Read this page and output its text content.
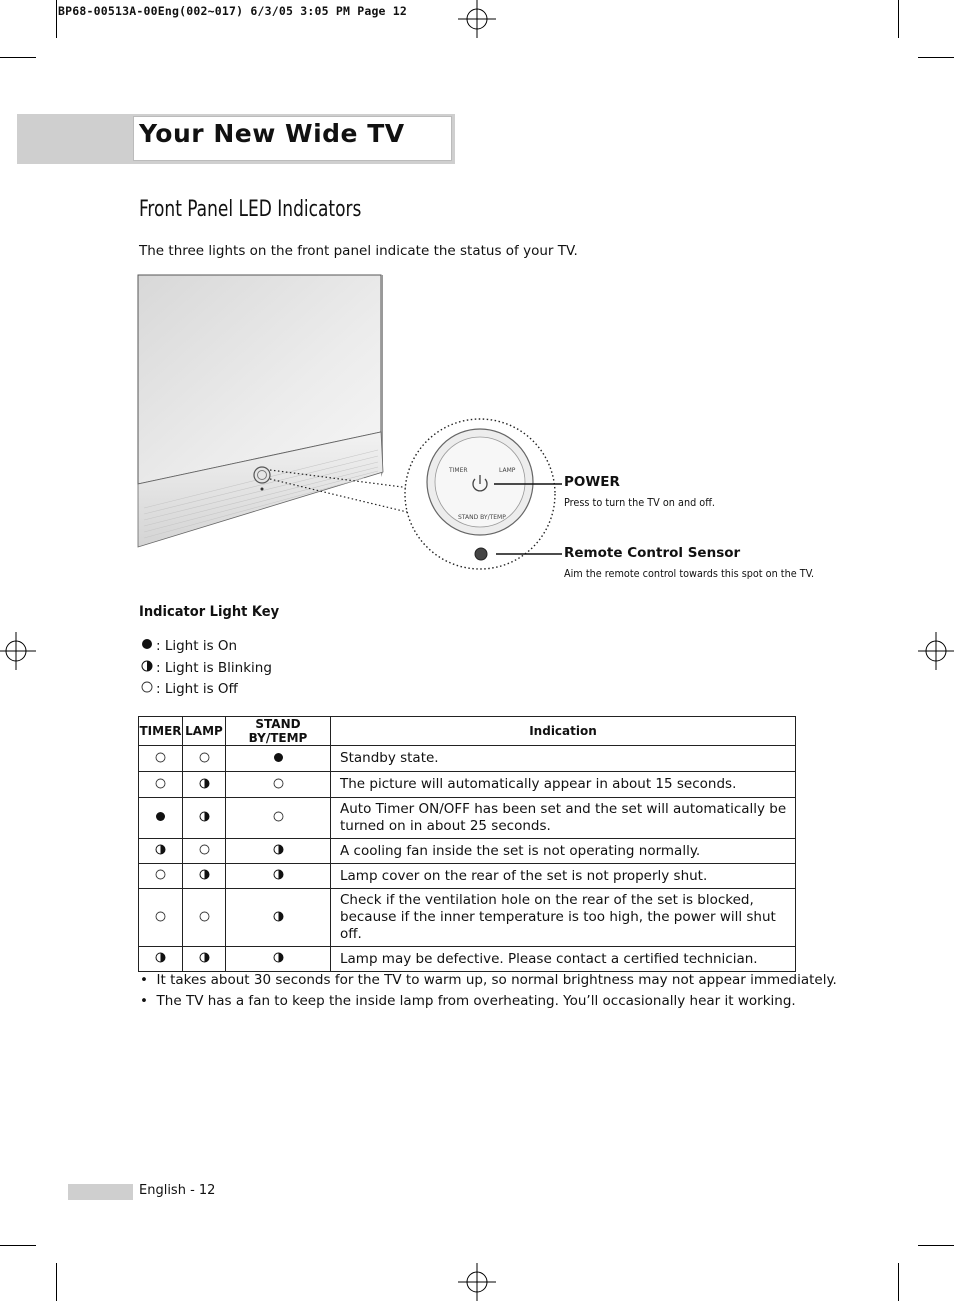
BP68-00513A-00Eng(002~017) 6/3/05 3:05 PM Page 12
Your New Wide TV
Front Panel LED Indicators
The three lights on the front panel indicate the status of your TV.
TIMER	LAMP
STAND BY/TEMP
POWER
Press to turn the TV on and off.
Remote Control Sensor
Aim the remote control towards this spot on the TV.
Indicator Light Key
: Light is On
: Light is Blinking
: Light is Off
TIMER	LAMP	STAND BY/TEMP	Indication
			Standby state.
			The picture will automatically appear in about 15 seconds.
			Auto Timer ON/OFF has been set and the set will automatically be turned on in about 25 seconds.
			A cooling fan inside the set is not operating normally.
			Lamp cover on the rear of the set is not properly shut.
			Check if the ventilation hole on the rear of the set is blocked, because if the inner temperature is too high, the power will shut off.
			Lamp may be defective. Please contact a certified technician.
•  It takes about 30 seconds for the TV to warm up, so normal brightness may not appear immediately.
•  The TV has a fan to keep the inside lamp from overheating. You’ll occasionally hear it working.
English - 12
